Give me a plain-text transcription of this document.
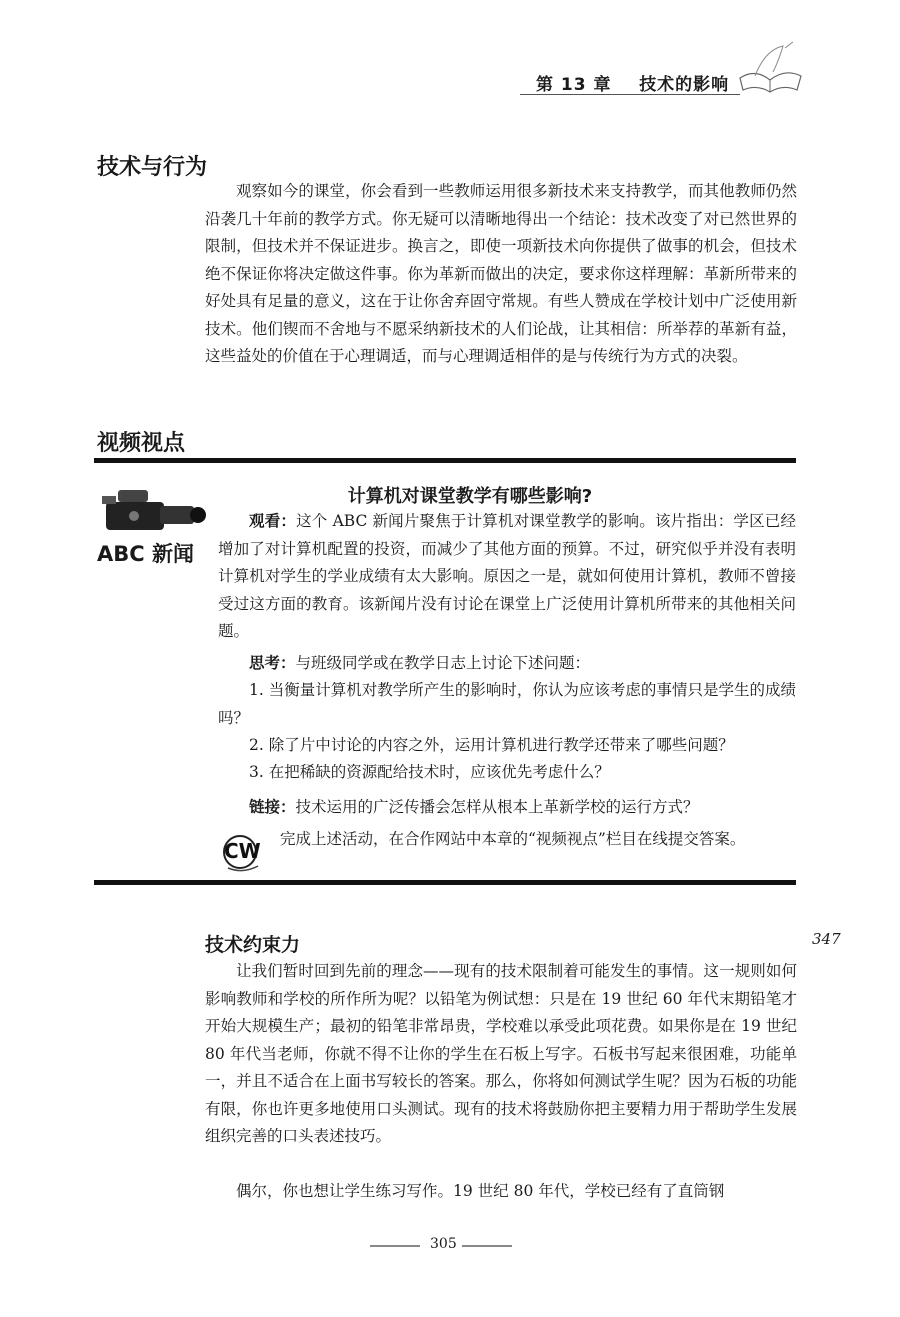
第 13 章 技术的影响
技术与行为

观察如今的课堂，你会看到一些教师运用很多新技术来支持教学，而其他教师仍然沿袭几十年前的教学方式。你无疑可以清晰地得出一个结论：技术改变了对已然世界的限制，但技术并不保证进步。换言之，即使一项新技术向你提供了做事的机会，但技术绝不保证你将决定做这件事。你为革新而做出的决定，要求你这样理解：革新所带来的好处具有足量的意义，这在于让你舍弃固守常规。有些人赞成在学校计划中广泛使用新技术。他们锲而不舍地与不愿采纳新技术的人们论战，让其相信：所举荐的革新有益，这些益处的价值在于心理调适，而与心理调适相伴的是与传统行为方式的决裂。

视频视点
ABC 新闻
计算机对课堂教学有哪些影响?

观看：这个 ABC 新闻片聚焦于计算机对课堂教学的影响。该片指出：学区已经增加了对计算机配置的投资，而减少了其他方面的预算。不过，研究似乎并没有表明计算机对学生的学业成绩有太大影响。原因之一是，就如何使用计算机，教师不曾接受过这方面的教育。该新闻片没有讨论在课堂上广泛使用计算机所带来的其他相关问题。

思考：与班级同学或在教学日志上讨论下述问题：

1. 当衡量计算机对教学所产生的影响时，你认为应该考虑的事情只是学生的成绩吗？

2. 除了片中讨论的内容之外，运用计算机进行教学还带来了哪些问题？

3. 在把稀缺的资源配给技术时，应该优先考虑什么？

链接：技术运用的广泛传播会怎样从根本上革新学校的运行方式？

CW 完成上述活动，在合作网站中本章的“视频视点”栏目在线提交答案。

技术约束力	347

让我们暂时回到先前的理念——现有的技术限制着可能发生的事情。这一规则如何影响教师和学校的所作所为呢？以铅笔为例试想：只是在 19 世纪 60 年代末期铅笔才开始大规模生产；最初的铅笔非常昂贵，学校难以承受此项花费。如果你是在 19 世纪 80 年代当老师，你就不得不让你的学生在石板上写字。石板书写起来很困难，功能单一，并且不适合在上面书写较长的答案。那么，你将如何测试学生呢？因为石板的功能有限，你也许更多地使用口头测试。现有的技术将鼓励你把主要精力用于帮助学生发展组织完善的口头表述技巧。

偶尔，你也想让学生练习写作。19 世纪 80 年代，学校已经有了直筒钢

305
